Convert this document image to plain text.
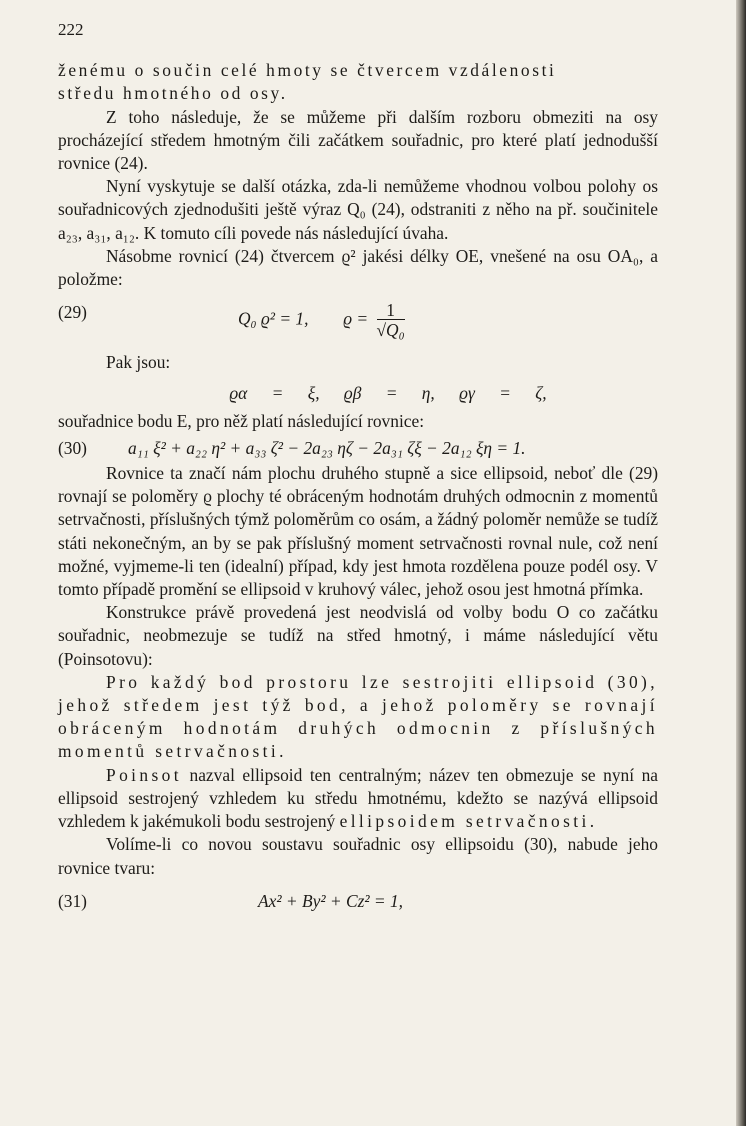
222

ženému o součin celé hmoty se čtvercem vzdálenosti

středu hmotného od osy.

Z toho následuje, že se můžeme při dalším rozboru obmeziti na osy procházející středem hmotným čili začátkem souřadnic, pro které platí jednodušší rovnice (24).

Nyní vyskytuje se další otázka, zda-li nemůžeme vhodnou volbou polohy os souřadnicových zjednodušiti ještě výraz Q₀ (24), odstraniti z něho na př. součinitele a₂₃, a₃₁, a₁₂. K tomuto cíli povede nás následující úvaha.

Násobme rovnicí (24) čtvercem ϱ² jakési délky OE, vnešené na osu OA₀, a položme:

(29)	Q₀ ϱ² = 1, $ϱ = \frac{1}{\text{√Q₀}}$

Pak jsou:

ϱα = ξ, ϱβ = η, ϱγ = ζ,

souřadnice bodu E, pro něž platí následující rovnice:

(30) a₁₁ ξ² + a₂₂ η² + a₃₃ ζ² − 2a₂₃ ηζ − 2a₃₁ ζξ − 2a₁₂ ξη = 1.

Rovnice ta značí nám plochu druhého stupně a sice ellipsoid, neboť dle (29) rovnají se poloměry ϱ plochy té obráceným hodnotám druhých odmocnin z momentů setrvačnosti, příslušných týmž poloměrům co osám, a žádný poloměr nemůže se tudíž státi nekonečným, an by se pak příslušný moment setrvačnosti rovnal nule, což není možné, vyjmeme-li ten (idealní) případ, kdy jest hmota rozdělena pouze podél osy. V tomto případě promění se ellipsoid v kruhový válec, jehož osou jest hmotná přímka.

Konstrukce právě provedená jest neodvislá od volby bodu O co začátku souřadnic, neobmezuje se tudíž na střed hmotný, i máme následující větu (Poinsotovu):

Pro každý bod prostoru lze sestrojiti ellipsoid (30), jehož středem jest týž bod, a jehož poloměry se rovnají obráceným hodnotám druhých odmocnin z příslušných momentů setrvačnosti.

Poinsot nazval ellipsoid ten centralným; název ten obmezuje se nyní na ellipsoid sestrojený vzhledem ku středu hmotnému, kdežto se nazývá ellipsoid vzhledem k jakémukoli bodu sestrojený ellipsoidem setrvačnosti.

Volíme-li co novou soustavu souřadnic osy ellipsoidu (30), nabude jeho rovnice tvaru:

(31)	Ax² + By² + Cz² = 1,
